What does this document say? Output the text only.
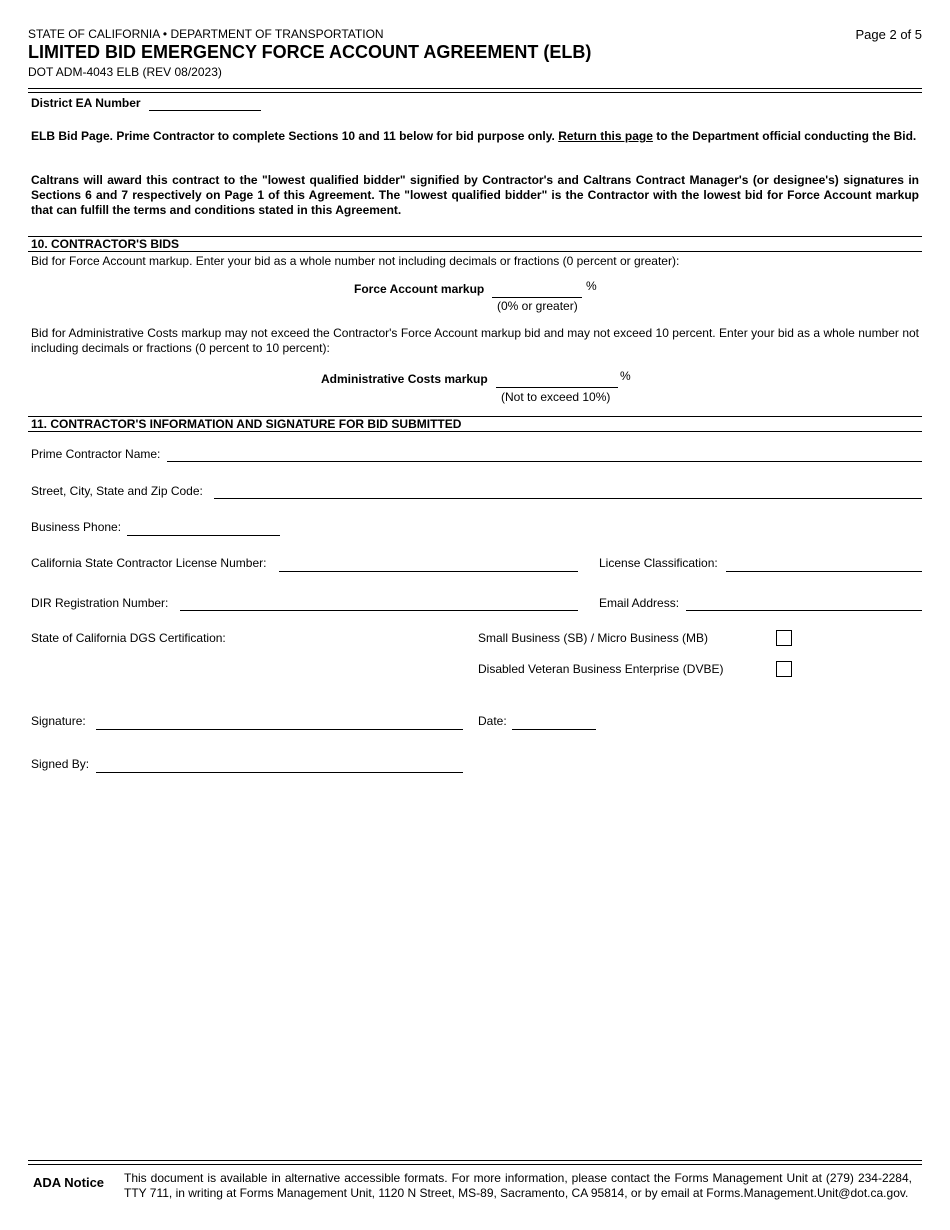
STATE OF CALIFORNIA • DEPARTMENT OF TRANSPORTATION
LIMITED BID EMERGENCY FORCE ACCOUNT AGREEMENT (ELB)
DOT ADM-4043 ELB (REV 08/2023)
Page 2 of 5
District EA Number
ELB Bid Page. Prime Contractor to complete Sections 10 and 11 below for bid purpose only. Return this page to the Department official conducting the Bid.
Caltrans will award this contract to the "lowest qualified bidder" signified by Contractor's and Caltrans Contract Manager's (or designee's) signatures in Sections 6 and 7 respectively on Page 1 of this Agreement. The "lowest qualified bidder" is the Contractor with the lowest bid for Force Account markup that can fulfill the terms and conditions stated in this Agreement.
10. CONTRACTOR'S BIDS
Bid for Force Account markup. Enter your bid as a whole number not including decimals or fractions (0 percent or greater):
Force Account markup	%
(0% or greater)
Bid for Administrative Costs markup may not exceed the Contractor's Force Account markup bid and may not exceed 10 percent. Enter your bid as a whole number not including decimals or fractions (0 percent to 10 percent):
Administrative Costs markup	%
(Not to exceed 10%)
11. CONTRACTOR'S INFORMATION AND SIGNATURE FOR BID SUBMITTED
Prime Contractor Name:
Street, City, State and Zip Code:
Business Phone:
California State Contractor License Number:	License Classification:
DIR Registration Number:	Email Address:
State of California DGS Certification:	Small Business (SB) / Micro Business (MB)
Disabled Veteran Business Enterprise (DVBE)
Signature:	Date:
Signed By:
ADA Notice This document is available in alternative accessible formats. For more information, please contact the Forms Management Unit at (279) 234-2284, TTY 711, in writing at Forms Management Unit, 1120 N Street, MS-89, Sacramento, CA 95814, or by email at Forms.Management.Unit@dot.ca.gov.
